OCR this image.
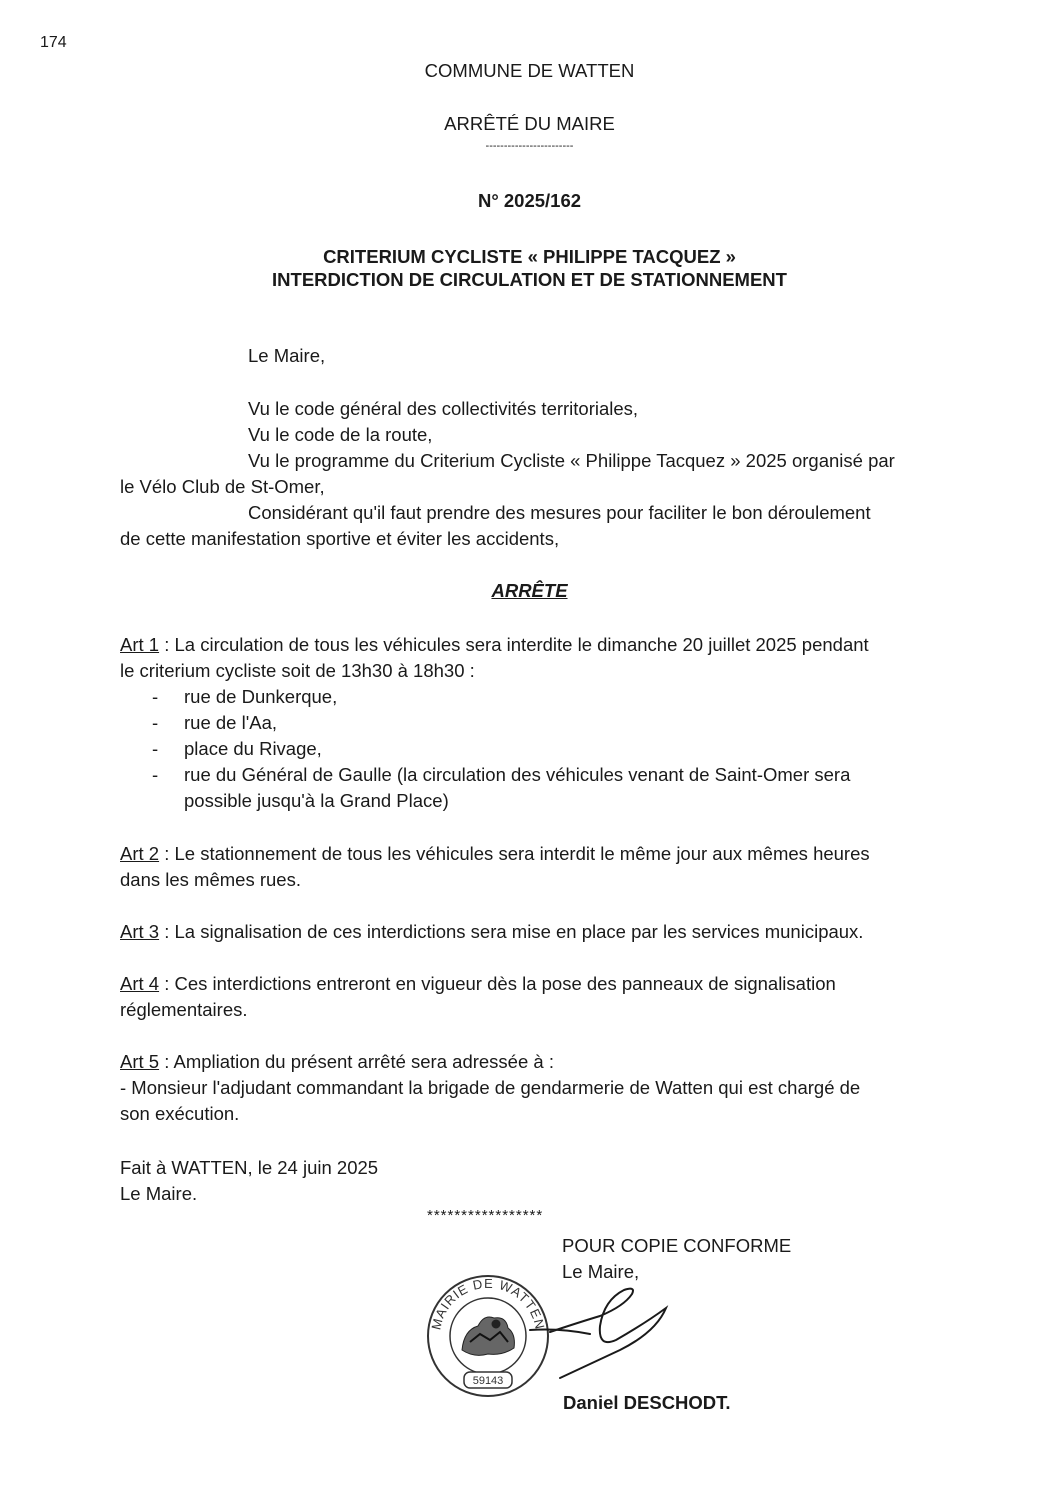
174
COMMUNE DE WATTEN
ARRÊTÉ DU MAIRE
------------------------
N° 2025/162
CRITERIUM CYCLISTE « PHILIPPE TACQUEZ »
INTERDICTION DE CIRCULATION ET DE STATIONNEMENT
Le Maire,
Vu le code général des collectivités territoriales,
Vu le code de la route,
Vu le programme du Criterium Cycliste « Philippe Tacquez » 2025 organisé par
le Vélo Club de St-Omer,
Considérant qu'il faut prendre des mesures pour faciliter le bon déroulement
de cette manifestation sportive et éviter les accidents,
ARRÊTE
Art 1 : La circulation de tous les véhicules sera interdite le dimanche 20 juillet 2025 pendant
le criterium cycliste soit de 13h30 à 18h30 :
- rue de Dunkerque,
- rue de l'Aa,
- place du Rivage,
- rue du Général de Gaulle (la circulation des véhicules venant de Saint-Omer sera
possible jusqu'à la Grand Place)
Art 2 : Le stationnement de tous les véhicules sera interdit le même jour aux mêmes heures
dans les mêmes rues.
Art 3 : La signalisation de ces interdictions sera mise en place par les services municipaux.
Art 4 : Ces interdictions entreront en vigueur dès la pose des panneaux de signalisation
réglementaires.
Art 5 : Ampliation du présent arrêté sera adressée à :
- Monsieur l'adjudant commandant la brigade de gendarmerie de Watten qui est chargé de
son exécution.
Fait à WATTEN, le 24 juin 2025
Le Maire.
*****************
POUR COPIE CONFORME
Le Maire,
Daniel DESCHODT.
MAIRIE DE WATTEN
59143
